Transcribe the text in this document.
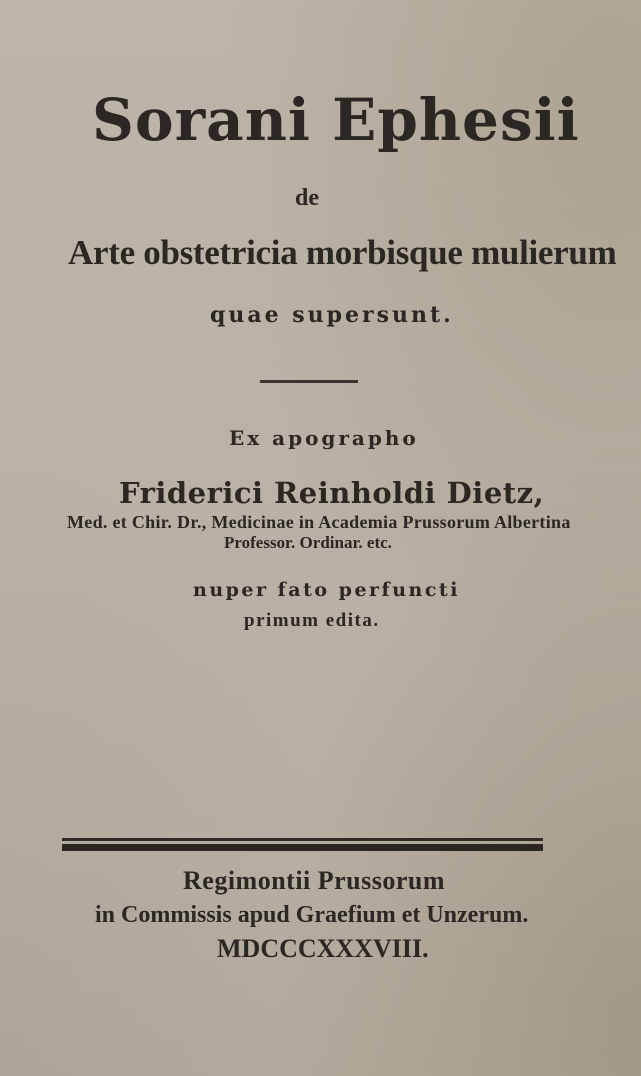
Sorani Ephesii
de
Arte obstetricia morbisque mulierum
quae supersunt.
Ex apographo
Friderici Reinholdi Dietz,
Med. et Chir. Dr., Medicinae in Academia Prussorum Albertina
Professor. Ordinar. etc.
nuper fato perfuncti
primum edita.
Regimontii Prussorum
in Commissis apud Graefium et Unzerum.
MDCCCXXXVIII.
